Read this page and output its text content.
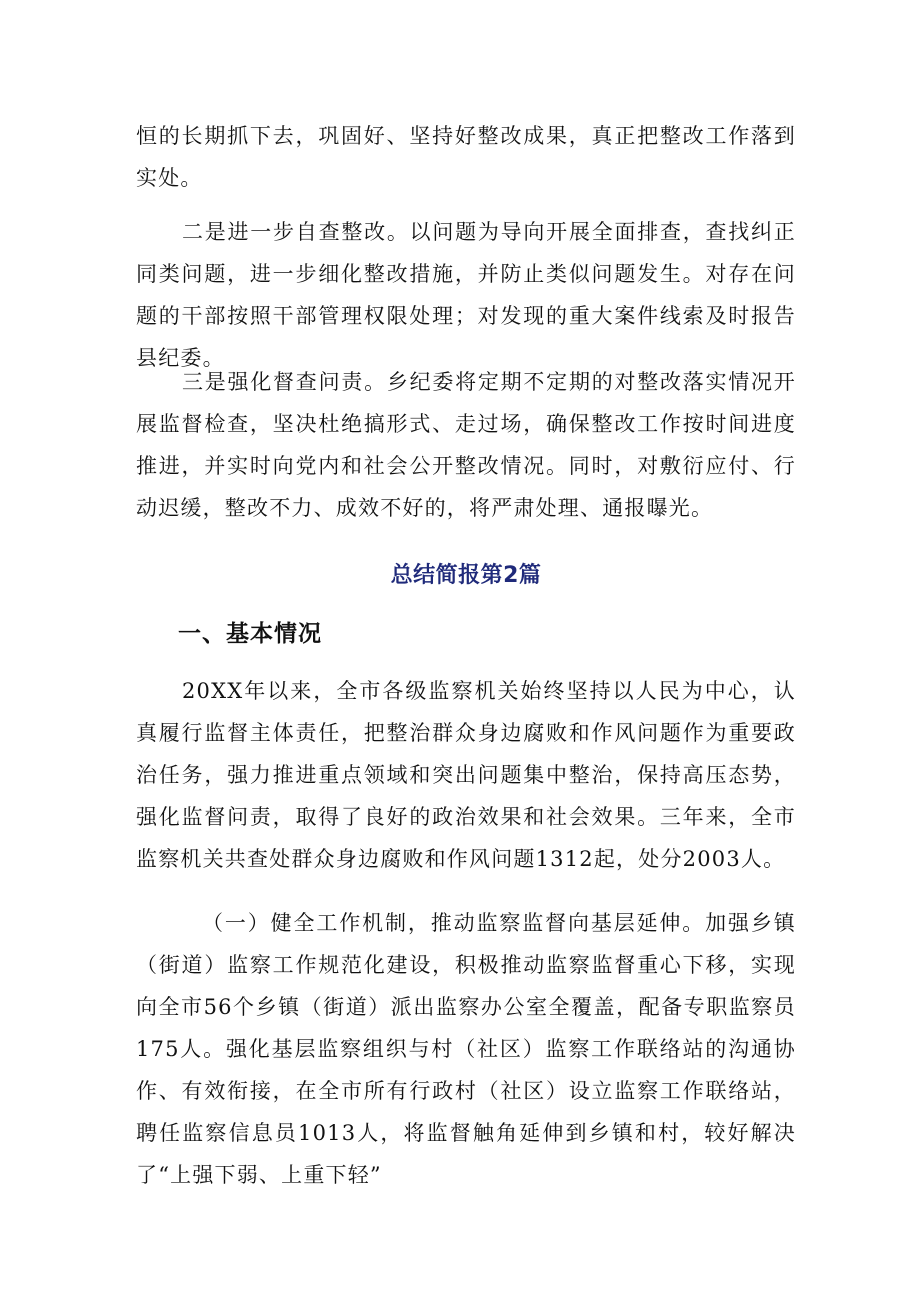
恒的长期抓下去，巩固好、坚持好整改成果，真正把整改工作落到实处。

二是进一步自查整改。以问题为导向开展全面排查，查找纠正同类问题，进一步细化整改措施，并防止类似问题发生。对存在问题的干部按照干部管理权限处理；对发现的重大案件线索及时报告县纪委。

三是强化督查问责。乡纪委将定期不定期的对整改落实情况开展监督检查，坚决杜绝搞形式、走过场，确保整改工作按时间进度推进，并实时向党内和社会公开整改情况。同时，对敷衍应付、行动迟缓，整改不力、成效不好的，将严肃处理、通报曝光。

总结简报第2篇
一、基本情况

20XX年以来，全市各级监察机关始终坚持以人民为中心，认真履行监督主体责任，把整治群众身边腐败和作风问题作为重要政治任务，强力推进重点领域和突出问题集中整治，保持高压态势，强化监督问责，取得了良好的政治效果和社会效果。三年来，全市监察机关共查处群众身边腐败和作风问题1312起，处分2003人。

（一）健全工作机制，推动监察监督向基层延伸。加强乡镇（街道）监察工作规范化建设，积极推动监察监督重心下移，实现向全市56个乡镇（街道）派出监察办公室全覆盖，配备专职监察员175人。强化基层监察组织与村（社区）监察工作联络站的沟通协作、有效衔接，在全市所有行政村（社区）设立监察工作联络站，聘任监察信息员1013人，将监督触角延伸到乡镇和村，较好解决了“上强下弱、上重下轻”
